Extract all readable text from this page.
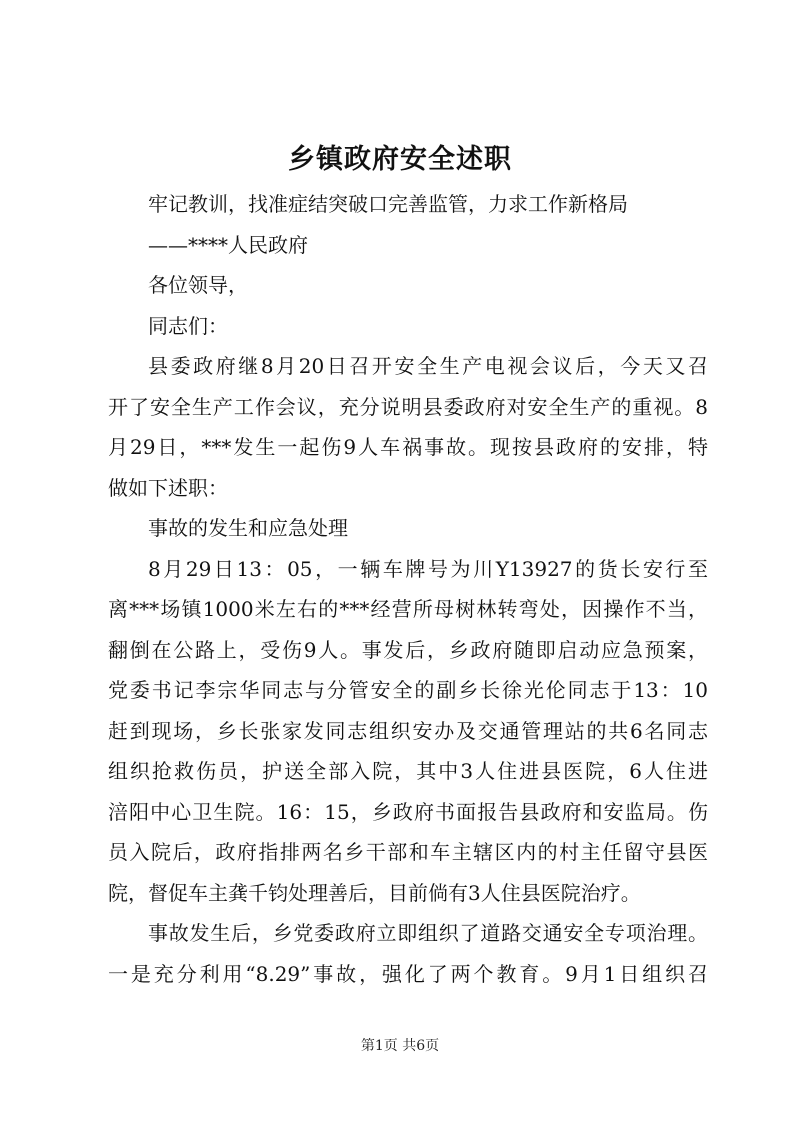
乡镇政府安全述职
牢记教训，找准症结突破口完善监管，力求工作新格局
——****人民政府
各位领导，
同志们：
县委政府继8月20日召开安全生产电视会议后，今天又召
开了安全生产工作会议，充分说明县委政府对安全生产的重视。8
月29日，***发生一起伤9人车祸事故。现按县政府的安排，特
做如下述职：
事故的发生和应急处理
8月29日13：05，一辆车牌号为川Y13927的货长安行至
离***场镇1000米左右的***经营所母树林转弯处，因操作不当，
翻倒在公路上，受伤9人。事发后，乡政府随即启动应急预案，
党委书记李宗华同志与分管安全的副乡长徐光伦同志于13：10
赶到现场，乡长张家发同志组织安办及交通管理站的共6名同志
组织抢救伤员，护送全部入院，其中3人住进县医院，6人住进
涪阳中心卫生院。16：15，乡政府书面报告县政府和安监局。伤
员入院后，政府指排两名乡干部和车主辖区内的村主任留守县医
院，督促车主龚千钧处理善后，目前倘有3人住县医院治疗。
事故发生后，乡党委政府立即组织了道路交通安全专项治理。
一是充分利用“8.29”事故，强化了两个教育。9月1日组织召
第1页 共6页
